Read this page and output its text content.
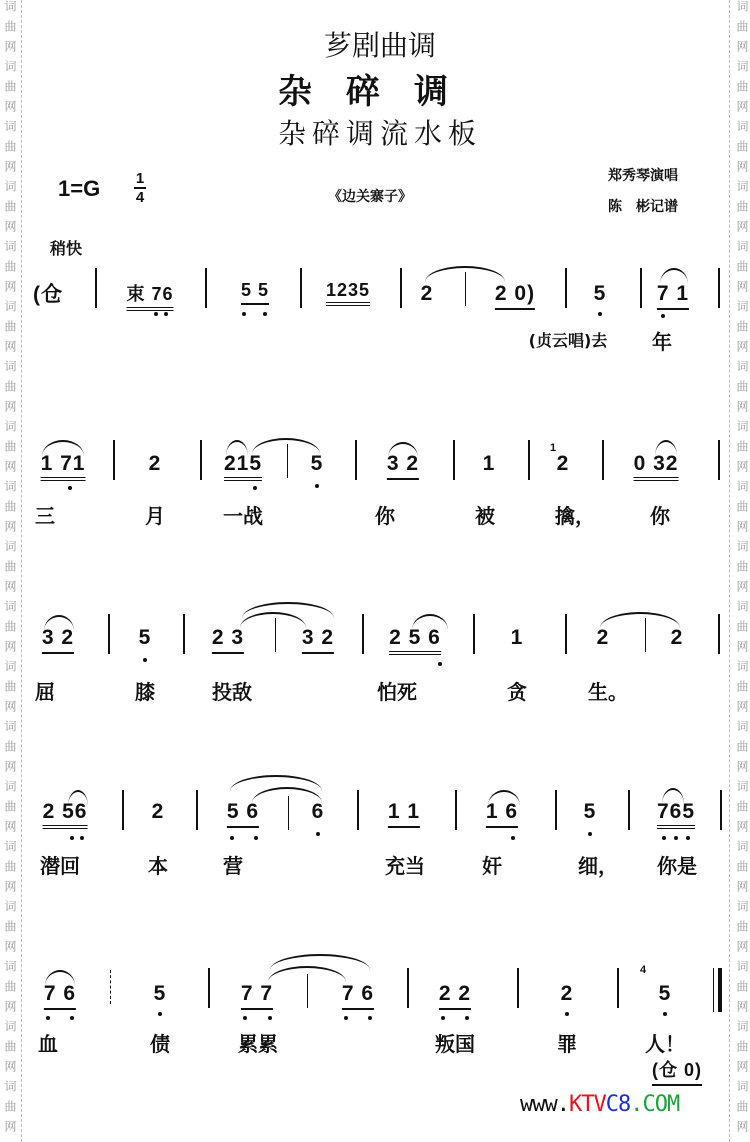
词曲网
词曲网
词曲网
词曲网
词曲网
词曲网
词曲网
词曲网
词曲网
词曲网
词曲网
词曲网
词曲网
词曲网
词曲网
词曲网
词曲网
词曲网
词曲网
词曲网
词曲网
词曲网
词曲网
词曲网
词曲网
词曲网
词曲网
词曲网
词曲网
词曲网
词曲网
词曲网
词曲网
词曲网
词曲网
词曲网
词曲网
词曲网
芗剧曲调
杂碎调
杂碎调流水板
1=G 1
4	《边关寨子》
郑秀琴演唱
陈　彬记谱
稍快
(仓	束 76	5 5	1235 2	2 0)	5 7 1
(贞云唱)去 年
1 71	2	215 5	3 2	1
1
2	0 32
三	月	一战	你	被	擒，	你
3 2	5	2 3	3 2	2 5 6	1	2	2
屈	膝	投敌	怕死	贪	生。
2 56	2	5 6	6	1 1	1 6	5	765
潜回	本	营	充当	奸	细， 你是
7 6	5	7 7	7 6	2 2	2
4
5
血	债	累累	叛国	罪	人！
(仓 0)
www.KTVC8.COM
